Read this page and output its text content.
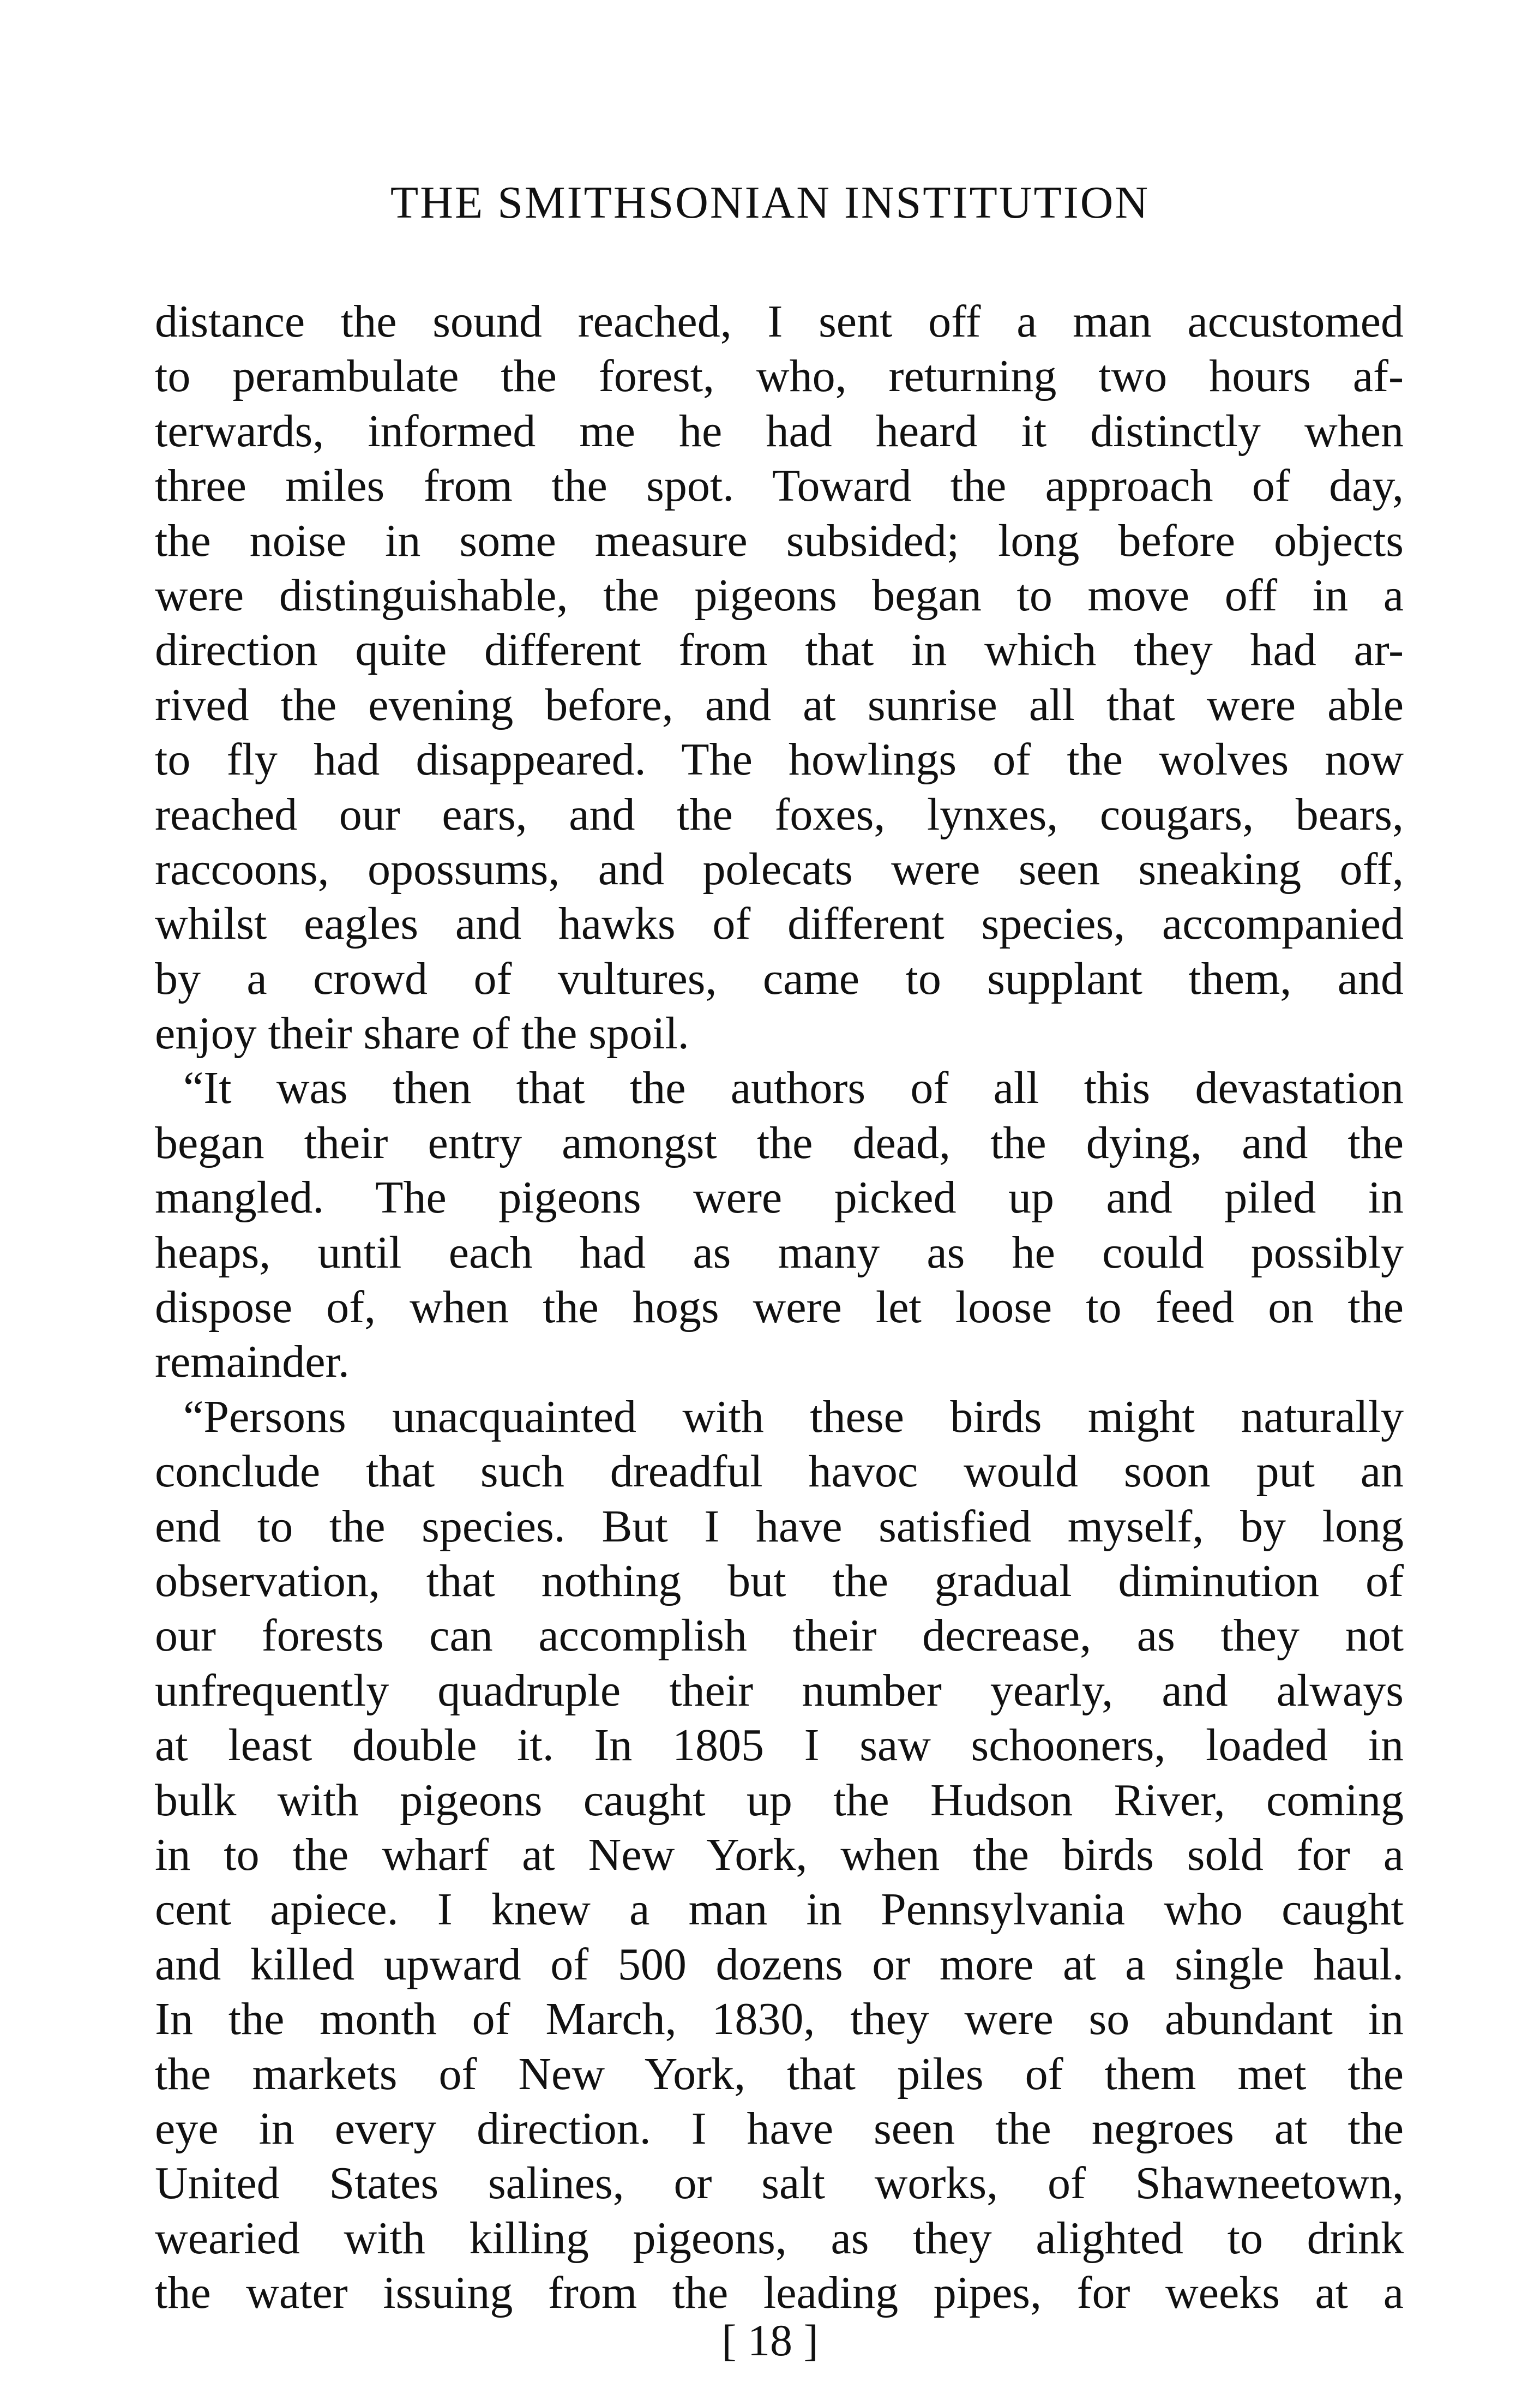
THE SMITHSONIAN INSTITUTION
distance the sound reached, I sent off a man accustomed
to perambulate the forest, who, returning two hours af-
terwards, informed me he had heard it distinctly when
three miles from the spot. Toward the approach of day,
the noise in some measure subsided; long before objects
were distinguishable, the pigeons began to move off in a
direction quite different from that in which they had ar-
rived the evening before, and at sunrise all that were able
to fly had disappeared. The howlings of the wolves now
reached our ears, and the foxes, lynxes, cougars, bears,
raccoons, opossums, and polecats were seen sneaking off,
whilst eagles and hawks of different species, accompanied
by a crowd of vultures, came to supplant them, and
enjoy their share of the spoil.
“It was then that the authors of all this devastation
began their entry amongst the dead, the dying, and the
mangled. The pigeons were picked up and piled in
heaps, until each had as many as he could possibly
dispose of, when the hogs were let loose to feed on the
remainder.
“Persons unacquainted with these birds might naturally
conclude that such dreadful havoc would soon put an
end to the species. But I have satisfied myself, by long
observation, that nothing but the gradual diminution of
our forests can accomplish their decrease, as they not
unfrequently quadruple their number yearly, and always
at least double it. In 1805 I saw schooners, loaded in
bulk with pigeons caught up the Hudson River, coming
in to the wharf at New York, when the birds sold for a
cent apiece. I knew a man in Pennsylvania who caught
and killed upward of 500 dozens or more at a single haul.
In the month of March, 1830, they were so abundant in
the markets of New York, that piles of them met the
eye in every direction. I have seen the negroes at the
United States salines, or salt works, of Shawneetown,
wearied with killing pigeons, as they alighted to drink
the water issuing from the leading pipes, for weeks at a
[ 18 ]
